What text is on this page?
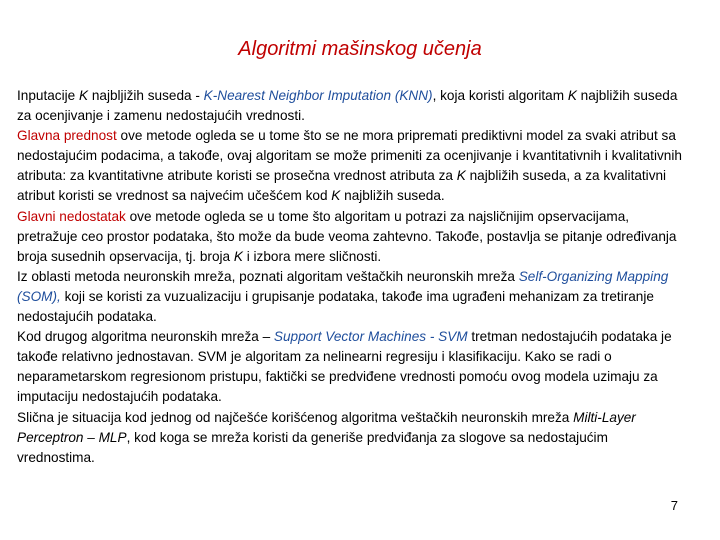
Algoritmi mašinskog učenja

Inputacije K najbljižih suseda - K-Nearest Neighbor Imputation (KNN), koja koristi algoritam K najbližih suseda za ocenjivanje i zamenu nedostajućih vrednosti.

Glavna prednost ove metode ogleda se u tome što se ne mora pripremati prediktivni model za svaki atribut sa nedostajućim podacima, a takođe, ovaj algoritam se može primeniti za ocenjivanje i kvantitativnih i kvalitativnih atributa: za kvantitativne atribute koristi se prosečna vrednost atributa za K najbližih suseda, a za kvalitativni atribut koristi se vrednost sa najvećim učešćem kod K najbližih suseda.

Glavni nedostatak ove metode ogleda se u tome što algoritam u potrazi za najsličnijim opservacijama, pretražuje ceo prostor podataka, što može da bude veoma zahtevno. Takođe, postavlja se pitanje određivanja broja susednih opservacija, tj. broja K i izbora mere sličnosti.

Iz oblasti metoda neuronskih mreža, poznati algoritam veštačkih neuronskih mreža Self-Organizing Mapping (SOM), koji se koristi za vuzualizaciju i grupisanje podataka, takođe ima ugrađeni mehanizam za tretiranje nedostajućih podataka.

Kod drugog algoritma neuronskih mreža – Support Vector Machines - SVM tretman nedostajućih podataka je takođe relativno jednostavan. SVM je algoritam za nelinearni regresiju i klasifikaciju. Kako se radi o neparametarskom regresionom pristupu, faktički se predviđene vrednosti pomoću ovog modela uzimaju za imputaciju nedostajućih podataka.

Slična je situacija kod jednog od najčešće korišćenog algoritma veštačkih neuronskih mreža Milti-Layer Perceptron – MLP, kod koga se mreža koristi da generiše predviđanja za slogove sa nedostajućim vrednostima.

7
